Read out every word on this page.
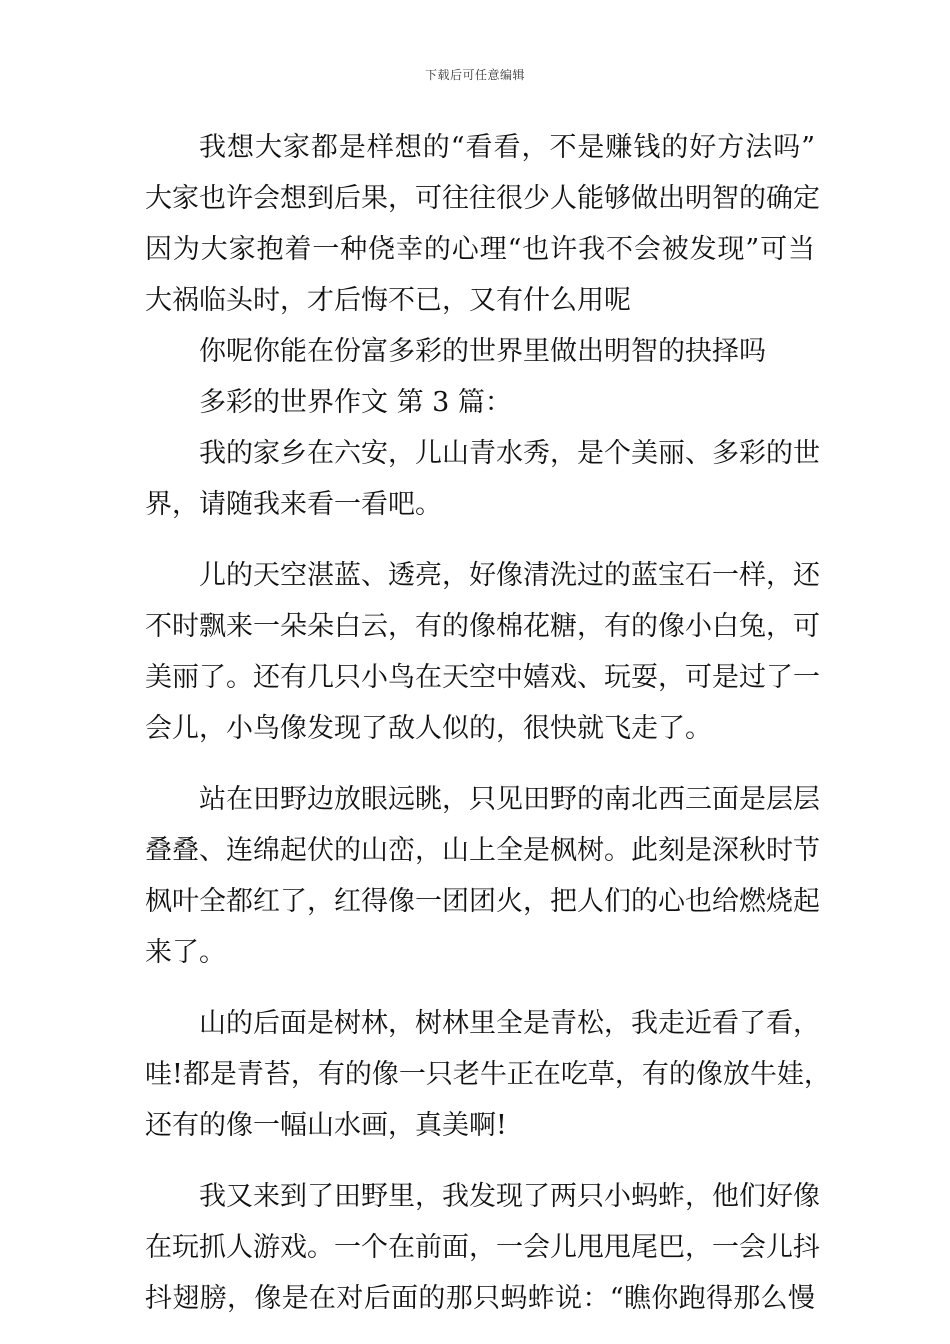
下载后可任意编辑
我想大家都是样想的“看看，不是赚钱的好方法吗”
大家也许会想到后果，可往往很少人能够做出明智的确定
因为大家抱着一种侥幸的心理“也许我不会被发现”可当
大祸临头时，才后悔不已，又有什么用呢
你呢你能在份富多彩的世界里做出明智的抉择吗
多彩的世界作文 第 3 篇：
我的家乡在六安，儿山青水秀，是个美丽、多彩的世
界，请随我来看一看吧。
儿的天空湛蓝、透亮，好像清洗过的蓝宝石一样，还
不时飘来一朵朵白云，有的像棉花糖，有的像小白兔，可
美丽了。还有几只小鸟在天空中嬉戏、玩耍，可是过了一
会儿，小鸟像发现了敌人似的，很快就飞走了。
站在田野边放眼远眺，只见田野的南北西三面是层层
叠叠、连绵起伏的山峦，山上全是枫树。此刻是深秋时节
枫叶全都红了，红得像一团团火，把人们的心也给燃烧起
来了。
山的后面是树林，树林里全是青松，我走近看了看，
哇!都是青苔，有的像一只老牛正在吃草，有的像放牛娃，
还有的像一幅山水画，真美啊!
我又来到了田野里，我发现了两只小蚂蚱，他们好像
在玩抓人游戏。一个在前面，一会儿甩甩尾巴，一会儿抖
抖翅膀，像是在对后面的那只蚂蚱说：“瞧你跑得那么慢
